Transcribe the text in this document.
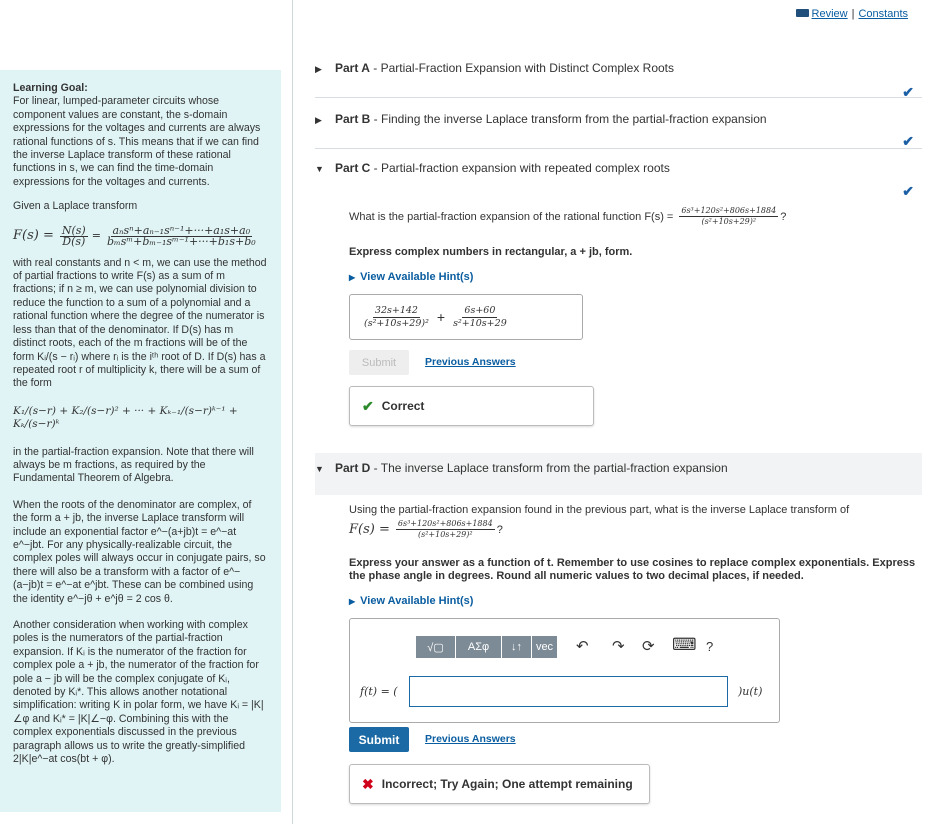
Learning Goal:

For linear, lumped-parameter circuits whose component values are constant, the s-domain expressions for the voltages and currents are always rational functions of s. This means that if we can find the inverse Laplace transform of these rational functions in s, we can find the time-domain expressions for the voltages and currents.

Given a Laplace transform

$F(s) = \frac{N(s)}{D(s)} = \frac{\text{aₙsⁿ+aₙ₋₁sⁿ⁻¹+···+a₁s+a₀}}{\text{bₘsᵐ+bₘ₋₁sᵐ⁻¹+···+b₁s+b₀}}$

with real constants and n < m, we can use the method of partial fractions to write F(s) as a sum of m fractions; if n ≥ m, we can use polynomial division to reduce the function to a sum of a polynomial and a rational function where the degree of the numerator is less than that of the denominator. If D(s) has m distinct roots, each of the m fractions will be of the form Kᵢ/(s − rᵢ) where rᵢ is the iᵗʰ root of D. If D(s) has a repeated root r of multiplicity k, there will be a sum of the form

K₁/(s−r) + K₂/(s−r)² + ··· + Kₖ₋₁/(s−r)ᵏ⁻¹ + Kₖ/(s−r)ᵏ

in the partial-fraction expansion. Note that there will always be m fractions, as required by the Fundamental Theorem of Algebra.

When the roots of the denominator are complex, of the form a + jb, the inverse Laplace transform will include an exponential factor e^−(a+jb)t = e^−at e^−jbt. For any physically-realizable circuit, the complex poles will always occur in conjugate pairs, so there will also be a transform with a factor of e^−(a−jb)t = e^−at e^jbt. These can be combined using the identity e^−jθ + e^jθ = 2 cos θ.

Another consideration when working with complex poles is the numerators of the partial-fraction expansion. If Kᵢ is the numerator of the fraction for complex pole a + jb, the numerator of the fraction for pole a − jb will be the complex conjugate of Kᵢ, denoted by Kᵢ*. This allows another notational simplification: writing K in polar form, we have Kᵢ = |K|∠φ and Kᵢ* = |K|∠−φ. Combining this with the complex exponentials discussed in the previous paragraph allows us to write the greatly-simplified 2|K|e^−at cos(bt + φ).

Review | Constants
▶ Part A - Partial-Fraction Expansion with Distinct Complex Roots
✔
▶ Part B - Finding the inverse Laplace transform from the partial-fraction expansion
✔
▼ Part C - Partial-fraction expansion with repeated complex roots
✔
What is the partial-fraction expansion of the rational function $F(s) = \frac{\text{6s³+120s²+806s+1884}}{\text{(s²+10s+29)²}}$ ?
Express complex numbers in rectangular, a + jb, form.
▶ View Available Hint(s)
$\frac{32s+142}{\text{(s²+10s+29)²}} + \frac{6s+60}{\text{s²+10s+29}}$
Submit	Previous Answers
✔ Correct
▼ Part D - The inverse Laplace transform from the partial-fraction expansion
Using the partial-fraction expansion found in the previous part, what is the inverse Laplace transform of
$F(s) = \frac{\text{6s³+120s²+806s+1884}}{\text{(s²+10s+29)²}}$ ?
Express your answer as a function of t. Remember to use cosines to replace complex exponentials. Express the phase angle in degrees. Round all numeric values to two decimal places, if needed.
▶ View Available Hint(s)
√▢	ΑΣφ	↓↑	vec	↶ ↷ ⟳ ⌨ ?
f(t) = (	)u(t)
Submit	Previous Answers
✖ Incorrect; Try Again; One attempt remaining
